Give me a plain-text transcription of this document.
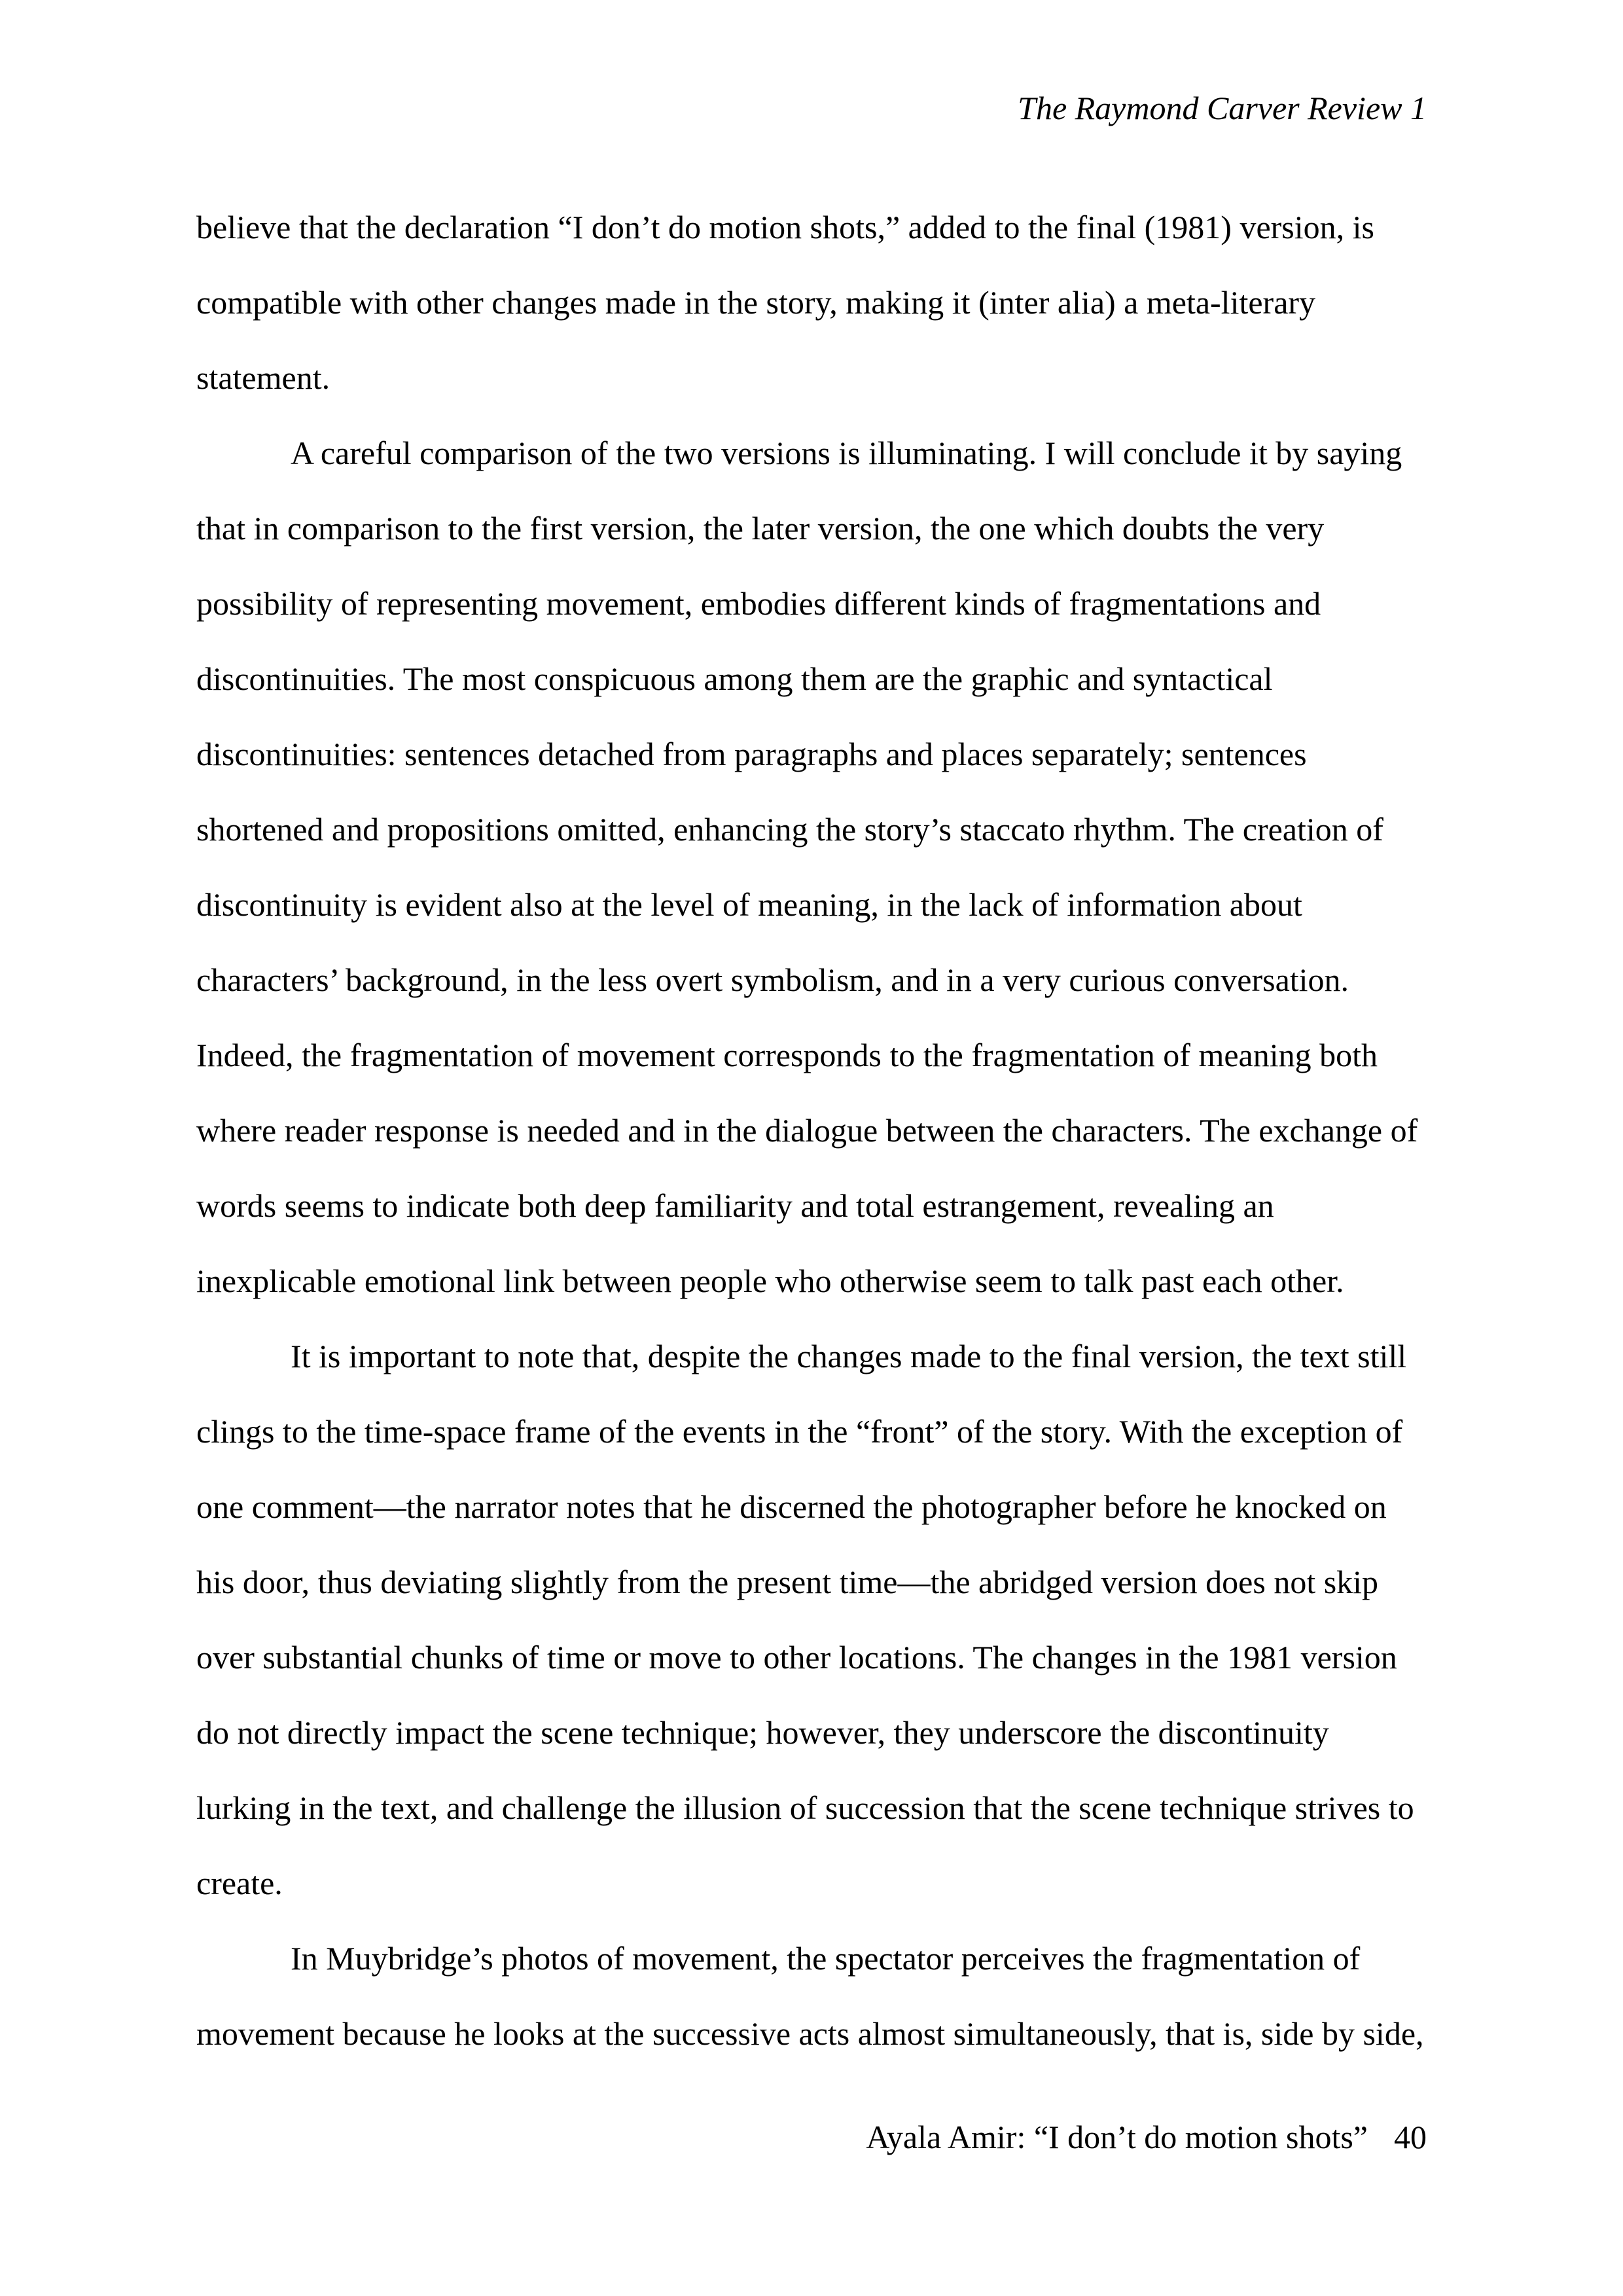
The Raymond Carver Review 1

believe that the declaration “I don’t do motion shots,” added to the final (1981) version, is compatible with other changes made in the story, making it (inter alia) a meta-literary statement.

A careful comparison of the two versions is illuminating. I will conclude it by saying that in comparison to the first version, the later version, the one which doubts the very possibility of representing movement, embodies different kinds of fragmentations and discontinuities. The most conspicuous among them are the graphic and syntactical discontinuities: sentences detached from paragraphs and places separately; sentences shortened and propositions omitted, enhancing the story’s staccato rhythm. The creation of discontinuity is evident also at the level of meaning, in the lack of information about characters’ background, in the less overt symbolism, and in a very curious conversation. Indeed, the fragmentation of movement corresponds to the fragmentation of meaning both where reader response is needed and in the dialogue between the characters. The exchange of words seems to indicate both deep familiarity and total estrangement, revealing an inexplicable emotional link between people who otherwise seem to talk past each other.

It is important to note that, despite the changes made to the final version, the text still clings to the time-space frame of the events in the “front” of the story. With the exception of one comment—the narrator notes that he discerned the photographer before he knocked on his door, thus deviating slightly from the present time—the abridged version does not skip over substantial chunks of time or move to other locations. The changes in the 1981 version do not directly impact the scene technique; however, they underscore the discontinuity lurking in the text, and challenge the illusion of succession that the scene technique strives to create.

In Muybridge’s photos of movement, the spectator perceives the fragmentation of movement because he looks at the successive acts almost simultaneously, that is, side by side,

Ayala Amir: “I don’t do motion shots” 40
